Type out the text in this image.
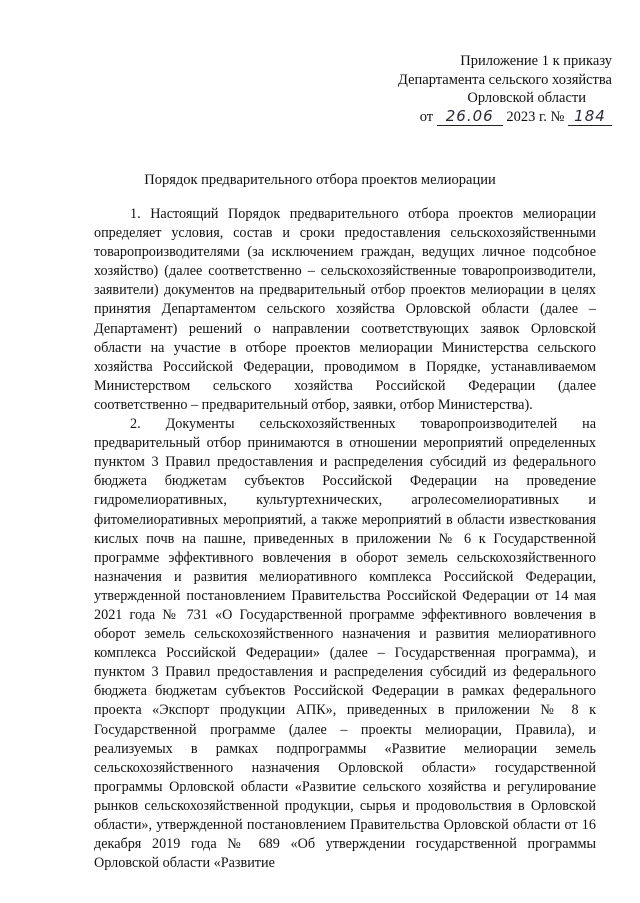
Приложение 1 к приказу
Департамента сельского хозяйства
Орловской области
от 26.06 2023 г. № 184
Порядок предварительного отбора проектов мелиорации

1. Настоящий Порядок предварительного отбора проектов мелиорации определяет условия, состав и сроки предоставления сельскохозяйственными товаропроизводителями (за исключением граждан, ведущих личное подсобное хозяйство) (далее соответственно – сельскохозяйственные товаропроизводители, заявители) документов на предварительный отбор проектов мелиорации в целях принятия Департаментом сельского хозяйства Орловской области (далее – Департамент) решений о направлении соответствующих заявок Орловской области на участие в отборе проектов мелиорации Министерства сельского хозяйства Российской Федерации, проводимом в Порядке, устанавливаемом Министерством сельского хозяйства Российской Федерации (далее соответственно – предварительный отбор, заявки, отбор Министерства).

2. Документы сельскохозяйственных товаропроизводителей на предварительный отбор принимаются в отношении мероприятий определенных пунктом 3 Правил предоставления и распределения субсидий из федерального бюджета бюджетам субъектов Российской Федерации на проведение гидромелиоративных, культуртехнических, агролесомелиоративных и фитомелиоративных мероприятий, а также мероприятий в области известкования кислых почв на пашне, приведенных в приложении № 6 к Государственной программе эффективного вовлечения в оборот земель сельскохозяйственного назначения и развития мелиоративного комплекса Российской Федерации, утвержденной постановлением Правительства Российской Федерации от 14 мая 2021 года № 731 «О Государственной программе эффективного вовлечения в оборот земель сельскохозяйственного назначения и развития мелиоративного комплекса Российской Федерации» (далее – Государственная программа), и пунктом 3 Правил предоставления и распределения субсидий из федерального бюджета бюджетам субъектов Российской Федерации в рамках федерального проекта «Экспорт продукции АПК», приведенных в приложении № 8 к Государственной программе (далее – проекты мелиорации, Правила), и реализуемых в рамках подпрограммы «Развитие мелиорации земель сельскохозяйственного назначения Орловской области» государственной программы Орловской области «Развитие сельского хозяйства и регулирование рынков сельскохозяйственной продукции, сырья и продовольствия в Орловской области», утвержденной постановлением Правительства Орловской области от 16 декабря 2019 года № 689 «Об утверждении государственной программы Орловской области «Развитие
